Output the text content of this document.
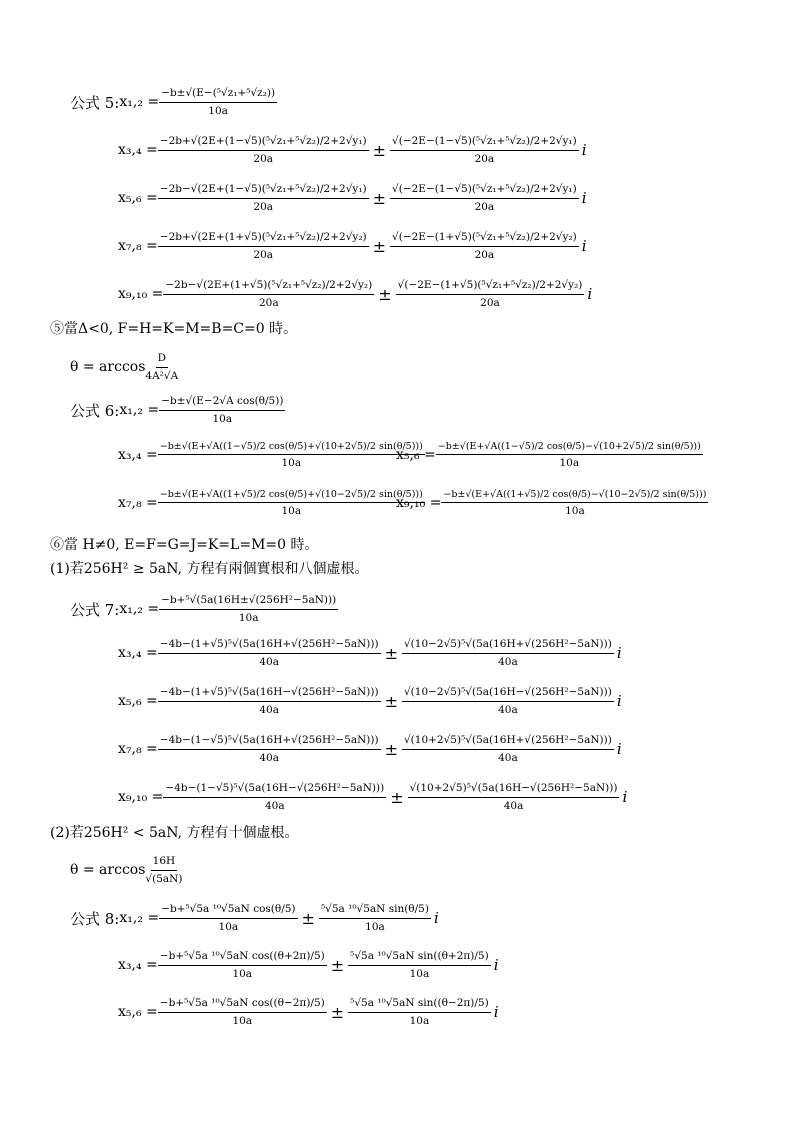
公式 5: $x_1,_2 = \frac{\text{−b±√(E−(⁵√z₁+⁵√z₂))}}{10a}$
$x_3,_4 = \frac{\text{−2b+√(2E+(1−√5)(⁵√z₁+⁵√z₂)/2+2√y₁)}}{20a} \pm \frac{\text{√(−2E−(1−√5)(⁵√z₁+⁵√z₂)/2+2√y₁)}}{20a}$ i
$x_5,_6 = \frac{\text{−2b−√(2E+(1−√5)(⁵√z₁+⁵√z₂)/2+2√y₁)}}{20a} \pm \frac{\text{√(−2E−(1−√5)(⁵√z₁+⁵√z₂)/2+2√y₁)}}{20a}$ i
$x_7,_8 = \frac{\text{−2b+√(2E+(1+√5)(⁵√z₁+⁵√z₂)/2+2√y₂)}}{20a} \pm \frac{\text{√(−2E−(1+√5)(⁵√z₁+⁵√z₂)/2+2√y₂)}}{20a}$ i
$x_9,_{10} = \frac{\text{−2b−√(2E+(1+√5)(⁵√z₁+⁵√z₂)/2+2√y₂)}}{20a} \pm \frac{\text{√(−2E−(1+√5)(⁵√z₁+⁵√z₂)/2+2√y₂)}}{20a}$ i
⑤當Δ<0, F=H=K=M=B=C=0 時。
$\theta = \arccos \frac{D}{\text{4A²√A}}$
公式 6: $x_1,_2 = \frac{\text{−b±√(E−2√A cos(θ/5))}}{10a}$
$x_3,_4 = \frac{-b\pm√(E+√A((1-√5)/2 \cos(\theta/5)+√(10+2√5)/2 \sin(\theta/5)))}{10a}$
$x_5,_6 = \frac{-b\pm√(E+√A((1-√5)/2 \cos(\theta/5)-√(10+2√5)/2 \sin(\theta/5)))}{10a}$
$x_7,_8 = \frac{-b\pm√(E+√A((1+√5)/2 \cos(\theta/5)+√(10-2√5)/2 \sin(\theta/5)))}{10a}$
$x_9,_{10} = \frac{-b\pm√(E+√A((1+√5)/2 \cos(\theta/5)-√(10-2√5)/2 \sin(\theta/5)))}{10a}$
⑥當 H≠0, E=F=G=J=K=L=M=0 時。
(1)若256H² ≥ 5aN, 方程有兩個實根和八個虛根。
公式 7: $x_1,_2 = \frac{\text{−b+⁵√(5a(16H±√(256H²−5aN)))}}{10a}$
$x_3,_4 = \frac{\text{−4b−(1+√5)⁵√(5a(16H+√(256H²−5aN)))}}{40a} \pm \frac{\text{√(10−2√5)⁵√(5a(16H+√(256H²−5aN)))}}{40a}$ i
$x_5,_6 = \frac{\text{−4b−(1+√5)⁵√(5a(16H−√(256H²−5aN)))}}{40a} \pm \frac{\text{√(10−2√5)⁵√(5a(16H−√(256H²−5aN)))}}{40a}$ i
$x_7,_8 = \frac{\text{−4b−(1−√5)⁵√(5a(16H+√(256H²−5aN)))}}{40a} \pm \frac{\text{√(10+2√5)⁵√(5a(16H+√(256H²−5aN)))}}{40a}$ i
$x_9,_{10} = \frac{\text{−4b−(1−√5)⁵√(5a(16H−√(256H²−5aN)))}}{40a} \pm \frac{\text{√(10+2√5)⁵√(5a(16H−√(256H²−5aN)))}}{40a}$ i
(2)若256H² < 5aN, 方程有十個虛根。
$\theta = \arccos \frac{16H}{√(5aN)}$
公式 8: $x_1,_2 = \frac{\text{−b+⁵√5a ¹⁰√5aN cos(θ/5)}}{10a} \pm \frac{\text{⁵√5a ¹⁰√5aN sin(θ/5)}}{10a}$ i
$x_3,_4 = \frac{\text{−b+⁵√5a ¹⁰√5aN cos((θ+2π)/5)}}{10a} \pm \frac{\text{⁵√5a ¹⁰√5aN sin((θ+2π)/5)}}{10a}$ i
$x_5,_6 = \frac{\text{−b+⁵√5a ¹⁰√5aN cos((θ−2π)/5)}}{10a} \pm \frac{\text{⁵√5a ¹⁰√5aN sin((θ−2π)/5)}}{10a}$ i
